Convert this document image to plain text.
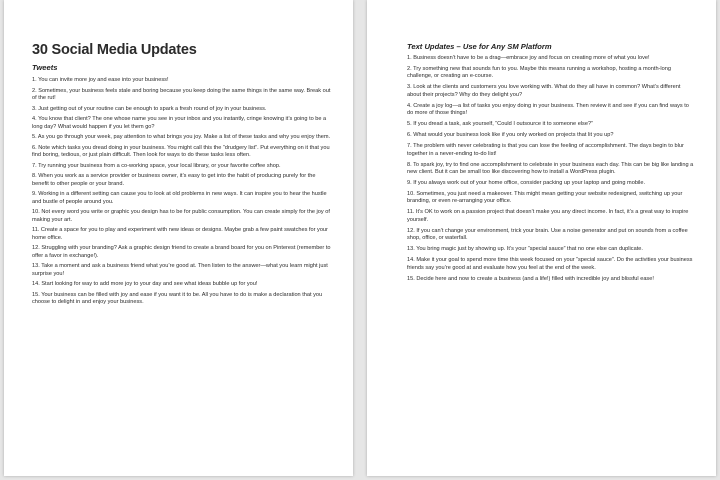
30 Social Media Updates
Tweets
1. You can invite more joy and ease into your business!
2. Sometimes, your business feels stale and boring because you keep doing the same things in the same way. Break out of the rut!
3. Just getting out of your routine can be enough to spark a fresh round of joy in your business.
4. You know that client? The one whose name you see in your inbox and you instantly, cringe knowing it’s going to be a long day? What would happen if you let them go?
5. As you go through your week, pay attention to what brings you joy. Make a list of these tasks and why you enjoy them.
6. Note which tasks you dread doing in your business. You might call this the “drudgery list”. Put everything on it that you find boring, tedious, or just plain difficult. Then look for ways to do these tasks less often.
7. Try running your business from a co-working space, your local library, or your favorite coffee shop.
8. When you work as a service provider or business owner, it’s easy to get into the habit of producing purely for the benefit to other people or your brand.
9. Working in a different setting can cause you to look at old problems in new ways. It can inspire you to hear the hustle and bustle of people around you.
10. Not every word you write or graphic you design has to be for public consumption. You can create simply for the joy of making your art.
11. Create a space for you to play and experiment with new ideas or designs. Maybe grab a few paint swatches for your home office.
12. Struggling with your branding? Ask a graphic design friend to create a brand board for you on Pinterest (remember to offer a favor in exchange!).
13. Take a moment and ask a business friend what you’re good at. Then listen to the answer—what you learn might just surprise you!
14. Start looking for way to add more joy to your day and see what ideas bubble up for you!
15. Your business can be filled with joy and ease if you want it to be. All you have to do is make a declaration that you choose to delight in and enjoy your business.
Text Updates – Use for Any SM Platform
1. Business doesn’t have to be a drag—embrace joy and focus on creating more of what you love!
2. Try something new that sounds fun to you. Maybe this means running a workshop, hosting a month-long challenge, or creating an e-course.
3. Look at the clients and customers you love working with. What do they all have in common? What’s different about their projects? Why do they delight you?
4. Create a joy log—a list of tasks you enjoy doing in your business. Then review it and see if you can find ways to do more of those things!
5. If you dread a task, ask yourself, “Could I outsource it to someone else?”
6. What would your business look like if you only worked on projects that lit you up?
7. The problem with never celebrating is that you can lose the feeling of accomplishment. The days begin to blur together in a never-ending to-do list!
8. To spark joy, try to find one accomplishment to celebrate in your business each day. This can be big like landing a new client. But it can be small too like discovering how to install a WordPress plugin.
9. If you always work out of your home office, consider packing up your laptop and going mobile.
10. Sometimes, you just need a makeover. This might mean getting your website redesigned, switching up your branding, or even re-arranging your office.
11. It’s OK to work on a passion project that doesn’t make you any direct income. In fact, it’s a great way to inspire yourself.
12. If you can’t change your environment, trick your brain. Use a noise generator and put on sounds from a coffee shop, office, or waterfall.
13. You bring magic just by showing up. It’s your “special sauce” that no one else can duplicate.
14. Make it your goal to spend more time this week focused on your “special sauce”. Do the activities your business friends say you’re good at and evaluate how you feel at the end of the week.
15. Decide here and now to create a business (and a life!) filled with incredible joy and blissful ease!
